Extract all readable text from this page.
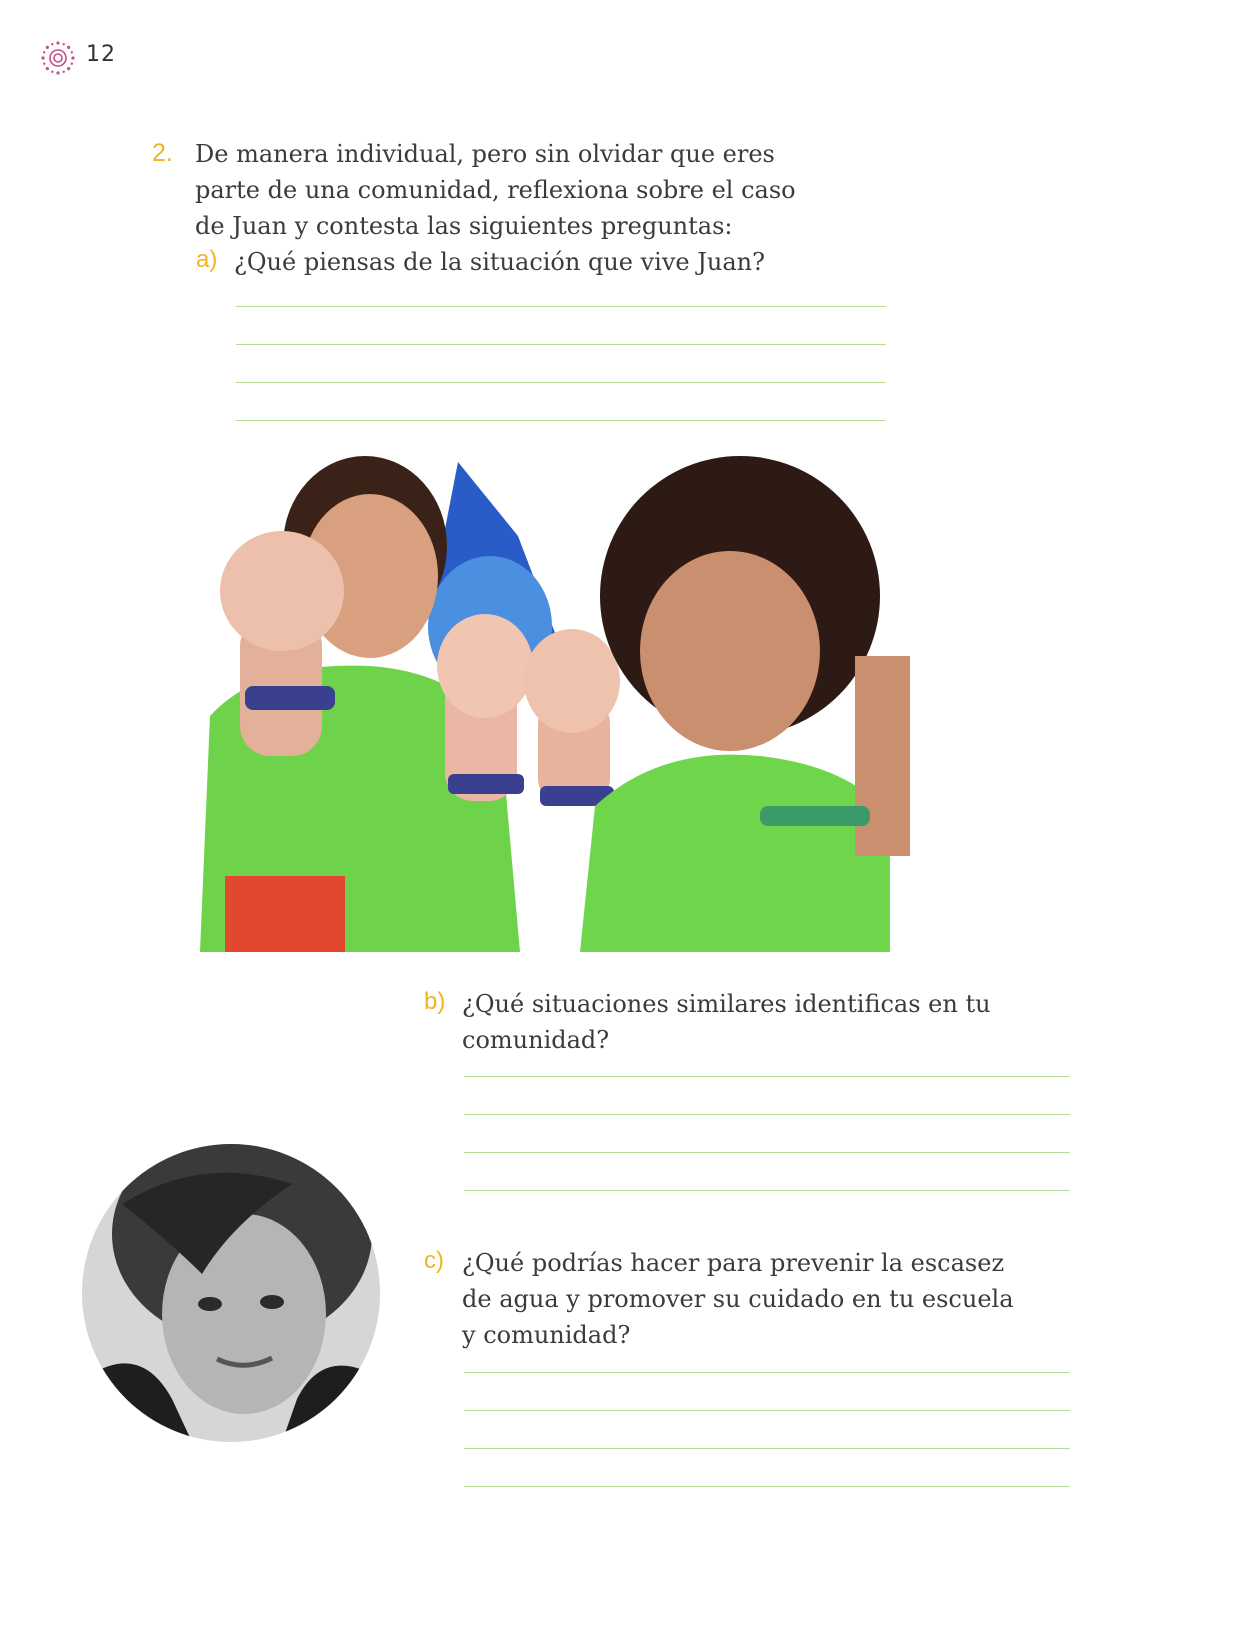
12
2. De manera individual, pero sin olvidar que eres
parte de una comunidad, reflexiona sobre el caso
de Juan y contesta las siguientes preguntas:
a) ¿Qué piensas de la situación que vive Juan?
b) ¿Qué situaciones similares identificas en tu
comunidad?
c) ¿Qué podrías hacer para prevenir la escasez
de agua y promover su cuidado en tu escuela
y comunidad?
